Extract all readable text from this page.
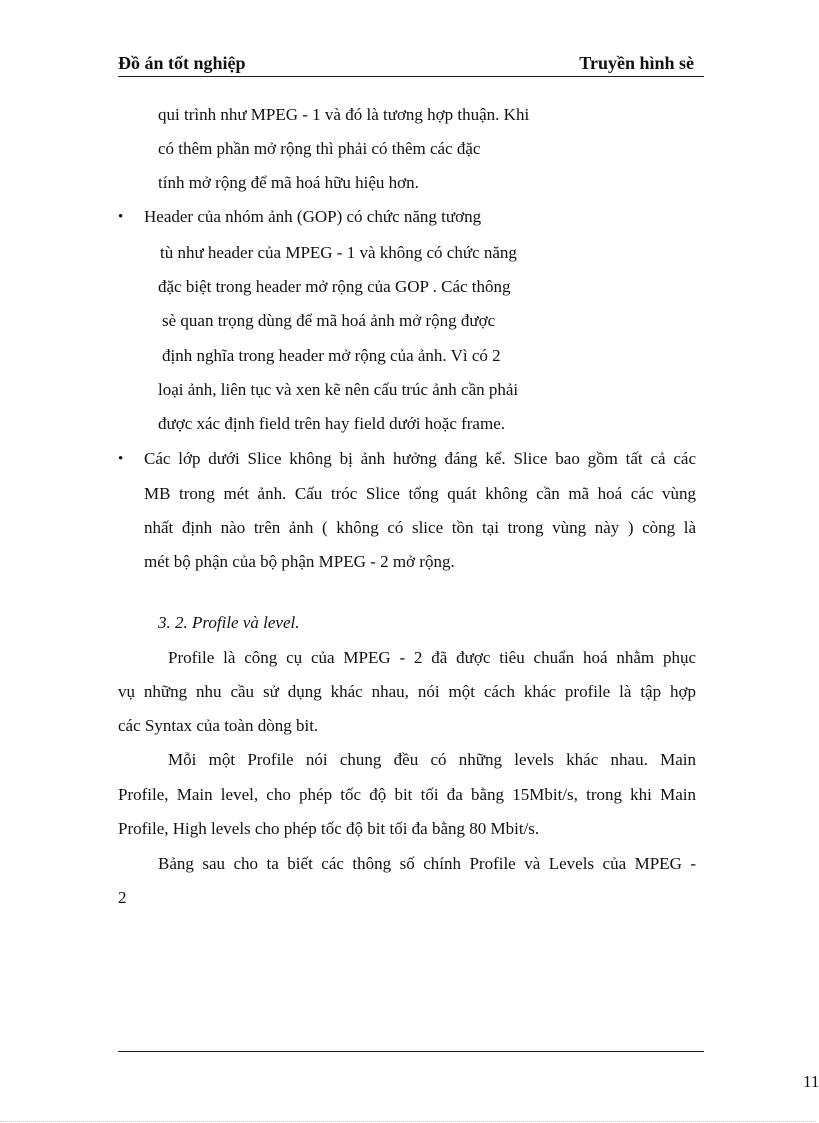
Đồ án tốt nghiệp	Truyền hình sè
qui trình như MPEG - 1 và đó là tương hợp thuận. Khi
có thêm phần mở rộng thì phải có thêm các đặc
tính mở rộng để mã hoá hữu hiệu hơn.
• Header của nhóm ảnh (GOP) có chức năng tương
tù như header của MPEG - 1 và không có chức năng
đặc biệt trong header mở rộng của GOP . Các thông
sè quan trọng dùng để mã hoá ảnh mở rộng được
định nghĩa trong header mở rộng của ảnh. Vì có 2
loại ảnh, liên tục và xen kẽ nên cấu trúc ảnh cần phải
được xác định field trên hay field dưới hoặc frame.
• Các lớp dưới Slice không bị ảnh hưởng đáng kể. Slice bao gồm tất cả các
MB trong mét ảnh. Cấu tróc Slice tổng quát không cần mã hoá các vùng
nhất định nào trên ảnh ( không có slice tồn tại trong vùng này ) còng là
mét bộ phận của bộ phận MPEG - 2 mở rộng.
3. 2. Profile và level.
Profile là công cụ của MPEG - 2 đã được tiêu chuẩn hoá nhằm phục
vụ những nhu cầu sử dụng khác nhau, nói một cách khác profile là tập hợp
các Syntax của toàn dòng bit.
Mỗi một Profile nói chung đều có những levels khác nhau. Main
Profile, Main level, cho phép tốc độ bit tối đa bằng 15Mbit/s, trong khi Main
Profile, High levels cho phép tốc độ bit tối đa bằng 80 Mbit/s.
Bảng sau cho ta biết các thông số chính Profile và Levels của MPEG -
2
11
